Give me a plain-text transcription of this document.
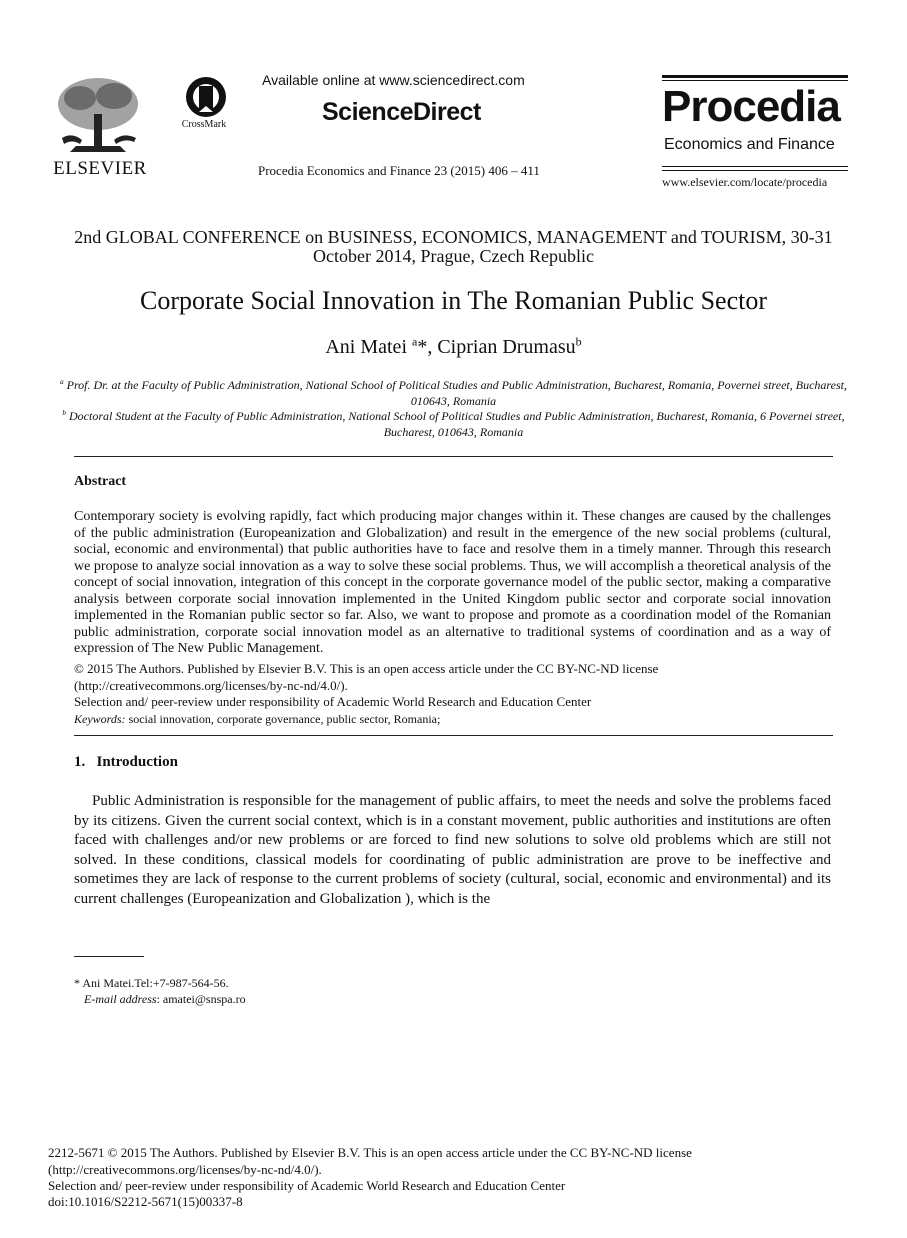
ELSEVIER
CrossMark
Available online at www.sciencedirect.com
ScienceDirect
Procedia Economics and Finance 23 (2015) 406 – 411
Procedia
Economics and Finance
www.elsevier.com/locate/procedia
2nd GLOBAL CONFERENCE on BUSINESS, ECONOMICS, MANAGEMENT and TOURISM, 30-31 October 2014, Prague, Czech Republic
Corporate Social Innovation in The Romanian Public Sector
Ani Matei $^a$*, Ciprian Drumasu$^b$
$^a$ Prof. Dr. at the Faculty of Public Administration, National School of Political Studies and Public Administration, Bucharest, Romania, Povernei street, Bucharest, 010643, Romania
$^b$ Doctoral Student at the Faculty of Public Administration, National School of Political Studies and Public Administration, Bucharest, Romania, 6 Povernei street, Bucharest, 010643, Romania
Abstract
Contemporary society is evolving rapidly, fact which producing major changes within it. These changes are caused by the challenges of the public administration (Europeanization and Globalization) and result in the emergence of the new social problems (cultural, social, economic and environmental) that public authorities have to face and resolve them in a timely manner. Through this research we propose to analyze social innovation as a way to solve these social problems. Thus, we will accomplish a theoretical analysis of the concept of social innovation, integration of this concept in the corporate governance model of the public sector, making a comparative analysis between corporate social innovation implemented in the United Kingdom public sector and corporate social innovation implemented in the Romanian public sector so far. Also, we want to propose and promote as a coordination model of the Romanian public administration, corporate social innovation model as an alternative to traditional systems of coordination and as a way of expression of The New Public Management.
© 2015 The Authors. Published by Elsevier B.V. This is an open access article under the CC BY-NC-ND license
(http://creativecommons.org/licenses/by-nc-nd/4.0/).
Selection and/ peer-review under responsibility of Academic World Research and Education Center
Keywords: social innovation, corporate governance, public sector, Romania;
1.  Introduction
Public Administration is responsible for the management of public affairs, to meet the needs and solve the problems faced by its citizens. Given the current social context, which is in a constant movement, public authorities and institutions are often faced with challenges and/or new problems or are forced to find new solutions to solve old problems which are still not solved. In these conditions, classical models for coordinating of public administration are prove to be ineffective and sometimes they are lack of response to the current problems of society (cultural, social, economic and environmental) and its current challenges (Europeanization and Globalization ), which is the
* Ani Matei.Tel:+7-987-564-56.
E-mail address: amatei@snspa.ro
2212-5671 © 2015 The Authors. Published by Elsevier B.V. This is an open access article under the CC BY-NC-ND license
(http://creativecommons.org/licenses/by-nc-nd/4.0/).
Selection and/ peer-review under responsibility of Academic World Research and Education Center
doi:10.1016/S2212-5671(15)00337-8
